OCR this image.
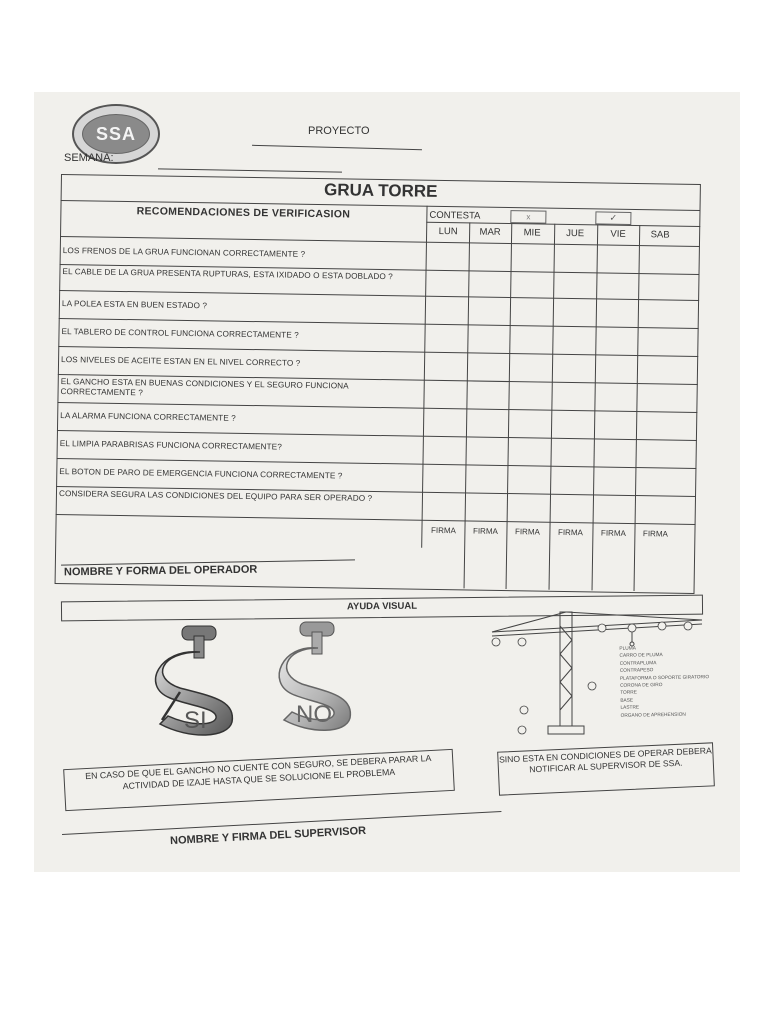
SSA	PROYECTO
SEMANA:
GRUA TORRE
RECOMENDACIONES DE VERIFICASION	CONTESTA	x	✓
LUN	MAR	MIE	JUE	VIE	SAB
LOS FRENOS DE LA GRUA FUNCIONAN CORRECTAMENTE ?
EL CABLE DE LA GRUA PRESENTA RUPTURAS, ESTA IXIDADO O ESTA DOBLADO ?
LA POLEA ESTA EN BUEN ESTADO ?
EL TABLERO DE CONTROL FUNCIONA CORRECTAMENTE ?
LOS NIVELES DE ACEITE ESTAN EN EL NIVEL CORRECTO ?
EL GANCHO ESTA EN BUENAS CONDICIONES Y EL SEGURO FUNCIONA CORRECTAMENTE ?
LA ALARMA FUNCIONA CORRECTAMENTE ?
EL LIMPIA PARABRISAS FUNCIONA CORRECTAMENTE?
EL BOTON DE PARO DE EMERGENCIA FUNCIONA CORRECTAMENTE ?
CONSIDERA SEGURA LAS CONDICIONES DEL EQUIPO PARA SER OPERADO ?
FIRMA	FIRMA	FIRMA	FIRMA	FIRMA	FIRMA
NOMBRE Y FORMA DEL OPERADOR
AYUDA VISUAL
SI	NO
PLUMA
CARRO DE PLUMA
CONTRAPLUMA
CONTRAPESO
PLATAFORMA O SOPORTE GIRATORIO
CORONA DE GIRO
TORRE
BASE
LASTRE
ORGANO DE APREHENSION
EN CASO DE QUE EL GANCHO NO CUENTE CON SEGURO, SE DEBERA PARAR LA ACTIVIDAD DE IZAJE HASTA QUE SE SOLUCIONE EL PROBLEMA
SINO ESTA EN CONDICIONES DE OPERAR DEBERA NOTIFICAR AL SUPERVISOR DE SSA.
NOMBRE Y FIRMA DEL SUPERVISOR
